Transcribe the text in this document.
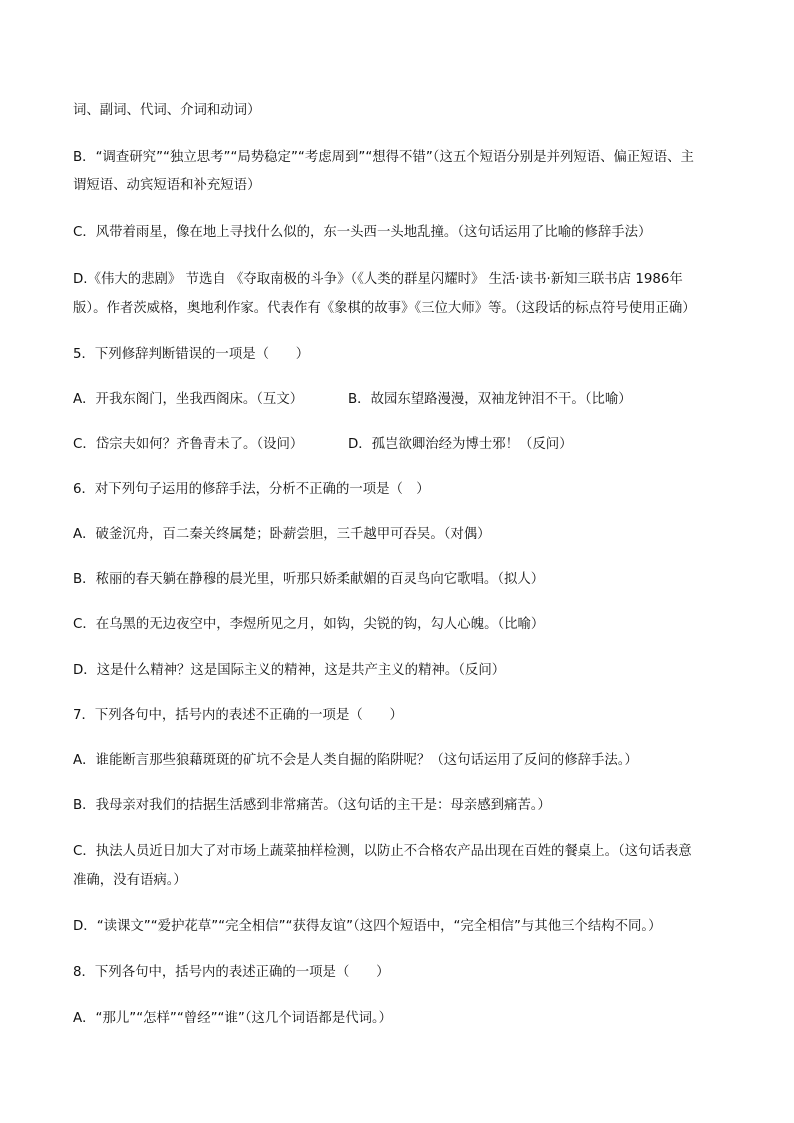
词、副词、代词、介词和动词）
B．“调查研究”“独立思考”“局势稳定”“考虑周到”“想得不错”（这五个短语分别是并列短语、偏正短语、主
谓短语、动宾短语和补充短语）
C．风带着雨星，像在地上寻找什么似的，东一头西一头地乱撞。（这句话运用了比喻的修辞手法）
D.《伟大的悲剧》 节选自 《夺取南极的斗争》（《人类的群星闪耀时》 生活·读书·新知三联书店 1986年
版）。作者茨威格，奥地利作家。代表作有《象棋的故事》《三位大师》等。（这段话的标点符号使用正确）
5．下列修辞判断错误的一项是（　　）
A．开我东阁门，坐我西阁床。（互文）	B．故园东望路漫漫，双袖龙钟泪不干。（比喻）
C．岱宗夫如何？齐鲁青未了。（设问）	D．孤岂欲卿治经为博士邪！（反问）
6．对下列句子运用的修辞手法，分析不正确的一项是（　）
A．破釜沉舟，百二秦关终属楚；卧薪尝胆，三千越甲可吞吴。（对偶）
B．秾丽的春天躺在静穆的晨光里，听那只娇柔献媚的百灵鸟向它歌唱。（拟人）
C．在乌黑的无边夜空中，李煜所见之月，如钩，尖锐的钩，勾人心魄。（比喻）
D．这是什么精神？这是国际主义的精神，这是共产主义的精神。（反问）
7．下列各句中，括号内的表述不正确的一项是（　　）
A．谁能断言那些狼藉斑斑的矿坑不会是人类自掘的陷阱呢？（这句话运用了反问的修辞手法。）
B．我母亲对我们的拮据生活感到非常痛苦。（这句话的主干是：母亲感到痛苦。）
C．执法人员近日加大了对市场上蔬菜抽样检测，以防止不合格农产品出现在百姓的餐桌上。（这句话表意
准确，没有语病。）
D．“读课文”“爱护花草”“完全相信”“获得友谊”（这四个短语中，“完全相信”与其他三个结构不同。）
8．下列各句中，括号内的表述正确的一项是（　　）
A．“那儿”“怎样”“曾经”“谁”（这几个词语都是代词。）
